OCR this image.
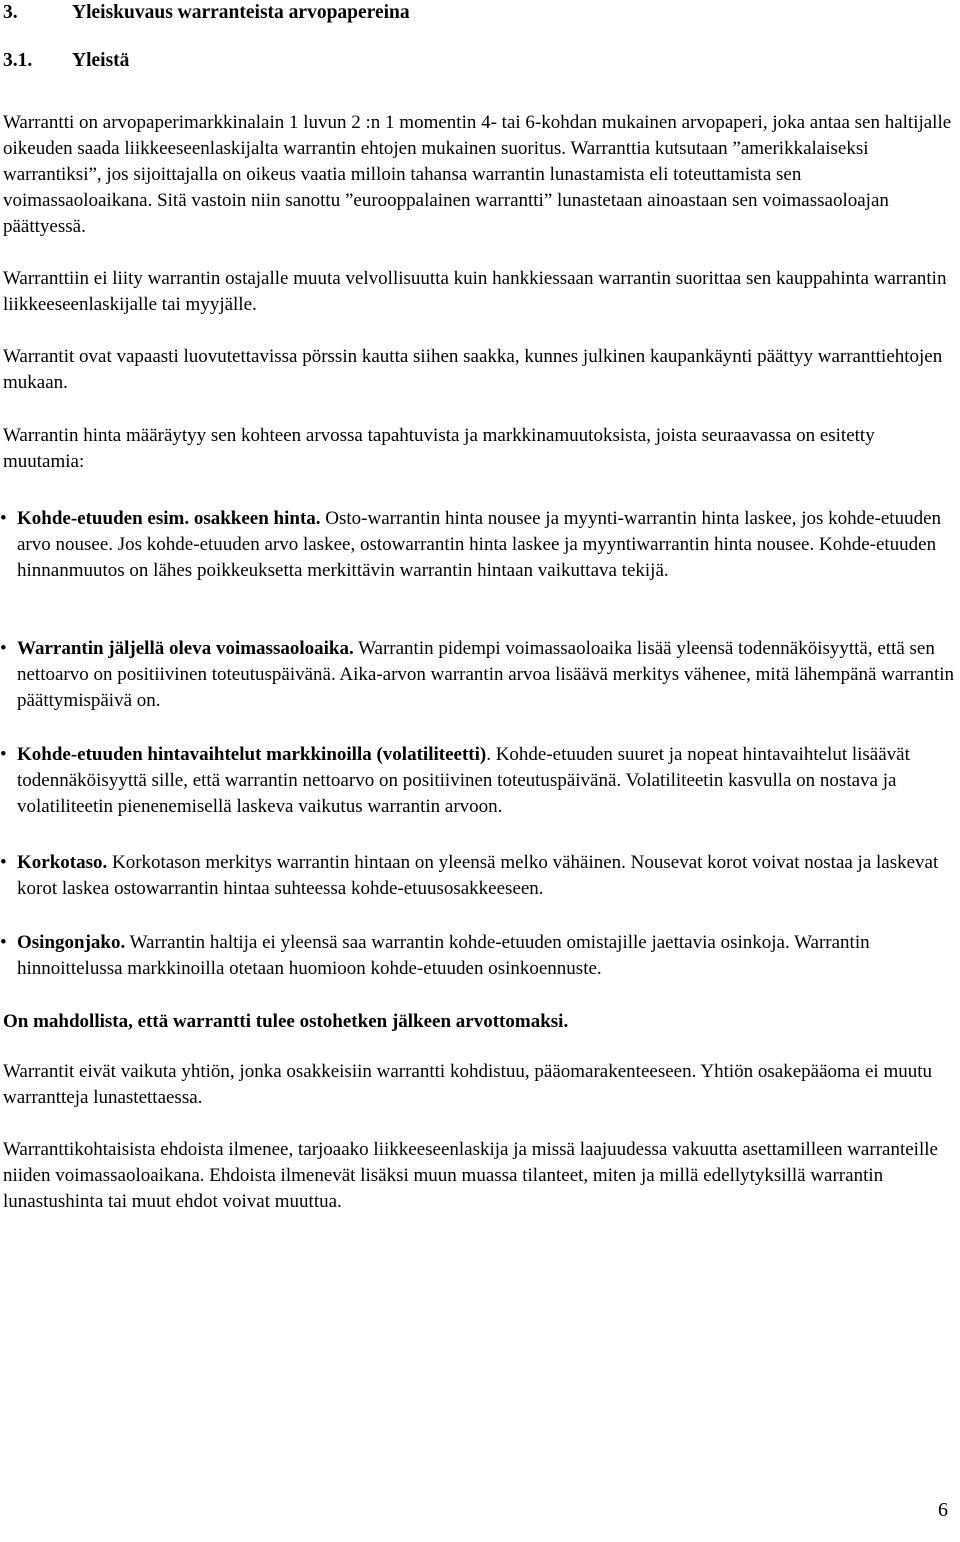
3.	Yleiskuvaus warranteista arvopapereina
3.1. Yleistä

Warrantti on arvopaperimarkkinalain 1 luvun 2 :n 1 momentin 4- tai 6-kohdan mukainen arvopaperi, joka antaa sen haltijalle oikeuden saada liikkeeseenlaskijalta warrantin ehtojen mukainen suoritus. Warranttia kutsutaan ”amerikkalaiseksi warrantiksi”, jos sijoittajalla on oikeus vaatia milloin tahansa warrantin lunastamista eli toteuttamista sen voimassaoloaikana. Sitä vastoin niin sanottu ”eurooppalainen warrantti” lunastetaan ainoastaan sen voimassaoloajan päättyessä.

Warranttiin ei liity warrantin ostajalle muuta velvollisuutta kuin hankkiessaan warrantin suorittaa sen kauppahinta warrantin liikkeeseenlaskijalle tai myyjälle.

Warrantit ovat vapaasti luovutettavissa pörssin kautta siihen saakka, kunnes julkinen kaupankäynti päättyy warranttiehtojen mukaan.

Warrantin hinta määräytyy sen kohteen arvossa tapahtuvista ja markkinamuutoksista, joista seuraavassa on esitetty muutamia:

• Kohde-etuuden esim. osakkeen hinta. Osto-warrantin hinta nousee ja myynti-warrantin hinta laskee, jos kohde-etuuden arvo nousee. Jos kohde-etuuden arvo laskee, ostowarrantin hinta laskee ja myyntiwarrantin hinta nousee. Kohde-etuuden hinnanmuutos on lähes poikkeuksetta merkittävin warrantin hintaan vaikuttava tekijä.
• Warrantin jäljellä oleva voimassaoloaika. Warrantin pidempi voimassaoloaika lisää yleensä todennäköisyyttä, että sen nettoarvo on positiivinen toteutuspäivänä. Aika-arvon warrantin arvoa lisäävä merkitys vähenee, mitä lähempänä warrantin päättymispäivä on.
• Kohde-etuuden hintavaihtelut markkinoilla (volatiliteetti). Kohde-etuuden suuret ja nopeat hintavaihtelut lisäävät todennäköisyyttä sille, että warrantin nettoarvo on positiivinen toteutuspäivänä. Volatiliteetin kasvulla on nostava ja volatiliteetin pienenemisellä laskeva vaikutus warrantin arvoon.
• Korkotaso. Korkotason merkitys warrantin hintaan on yleensä melko vähäinen. Nousevat korot voivat nostaa ja laskevat korot laskea ostowarrantin hintaa suhteessa kohde-etuusosakkeeseen.
• Osingonjako. Warrantin haltija ei yleensä saa warrantin kohde-etuuden omistajille jaettavia osinkoja. Warrantin hinnoittelussa markkinoilla otetaan huomioon kohde-etuuden osinkoennuste.

On mahdollista, että warrantti tulee ostohetken jälkeen arvottomaksi.

Warrantit eivät vaikuta yhtiön, jonka osakkeisiin warrantti kohdistuu, pääomarakenteeseen. Yhtiön osakepääoma ei muutu warrantteja lunastettaessa.

Warranttikohtaisista ehdoista ilmenee, tarjoaako liikkeeseenlaskija ja missä laajuudessa vakuutta asettamilleen warranteille niiden voimassaoloaikana. Ehdoista ilmenevät lisäksi muun muassa tilanteet, miten ja millä edellytyksillä warrantin lunastushinta tai muut ehdot voivat muuttua.

6
